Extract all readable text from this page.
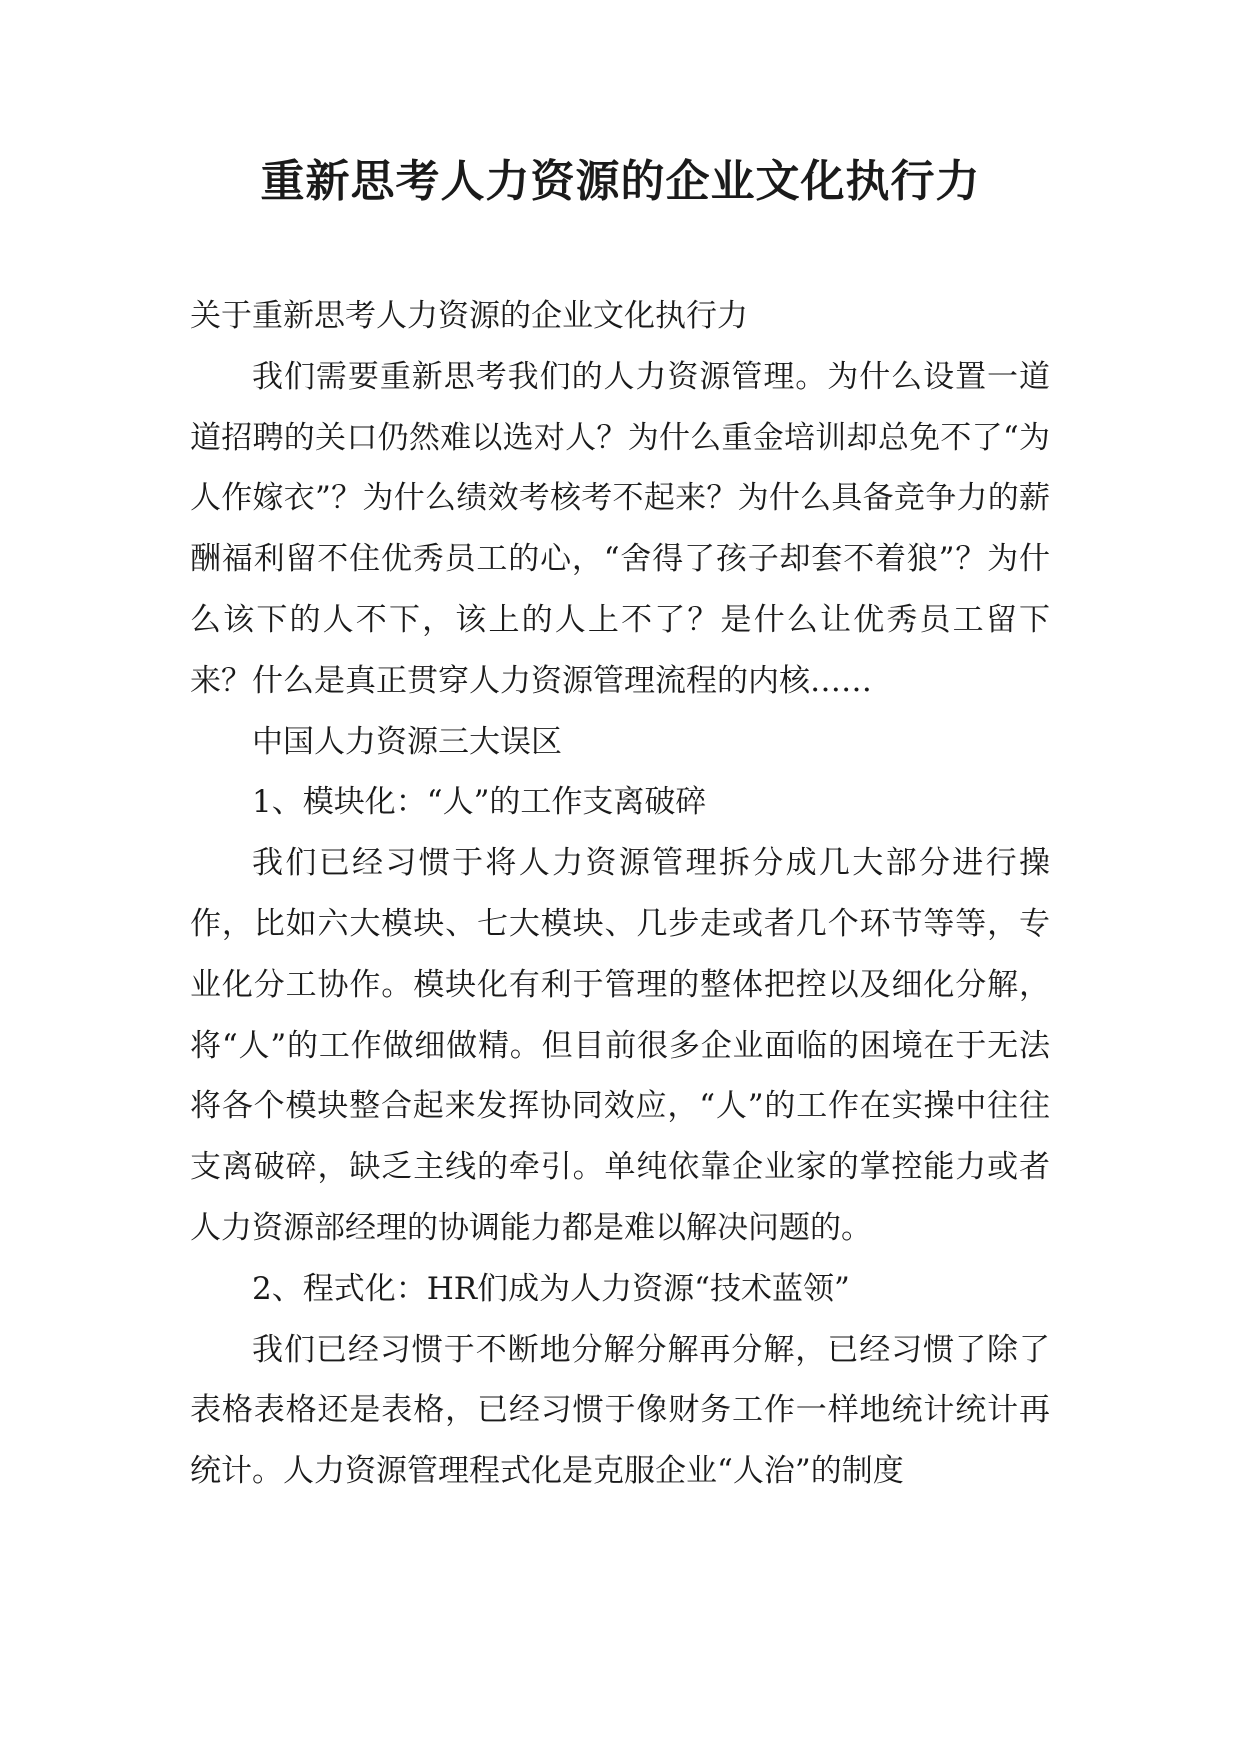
重新思考人力资源的企业文化执行力

关于重新思考人力资源的企业文化执行力

我们需要重新思考我们的人力资源管理。为什么设置一道道招聘的关口仍然难以选对人？为什么重金培训却总免不了“为人作嫁衣”？为什么绩效考核考不起来？为什么具备竞争力的薪酬福利留不住优秀员工的心，“舍得了孩子却套不着狼”？为什么该下的人不下，该上的人上不了？是什么让优秀员工留下来？什么是真正贯穿人力资源管理流程的内核……

中国人力资源三大误区

1、模块化：“人”的工作支离破碎

我们已经习惯于将人力资源管理拆分成几大部分进行操作，比如六大模块、七大模块、几步走或者几个环节等等，专业化分工协作。模块化有利于管理的整体把控以及细化分解，将“人”的工作做细做精。但目前很多企业面临的困境在于无法将各个模块整合起来发挥协同效应，“人”的工作在实操中往往支离破碎，缺乏主线的牵引。单纯依靠企业家的掌控能力或者人力资源部经理的协调能力都是难以解决问题的。

2、程式化：HR们成为人力资源“技术蓝领”

我们已经习惯于不断地分解分解再分解，已经习惯了除了表格表格还是表格，已经习惯于像财务工作一样地统计统计再统计。人力资源管理程式化是克服企业“人治”的制度
